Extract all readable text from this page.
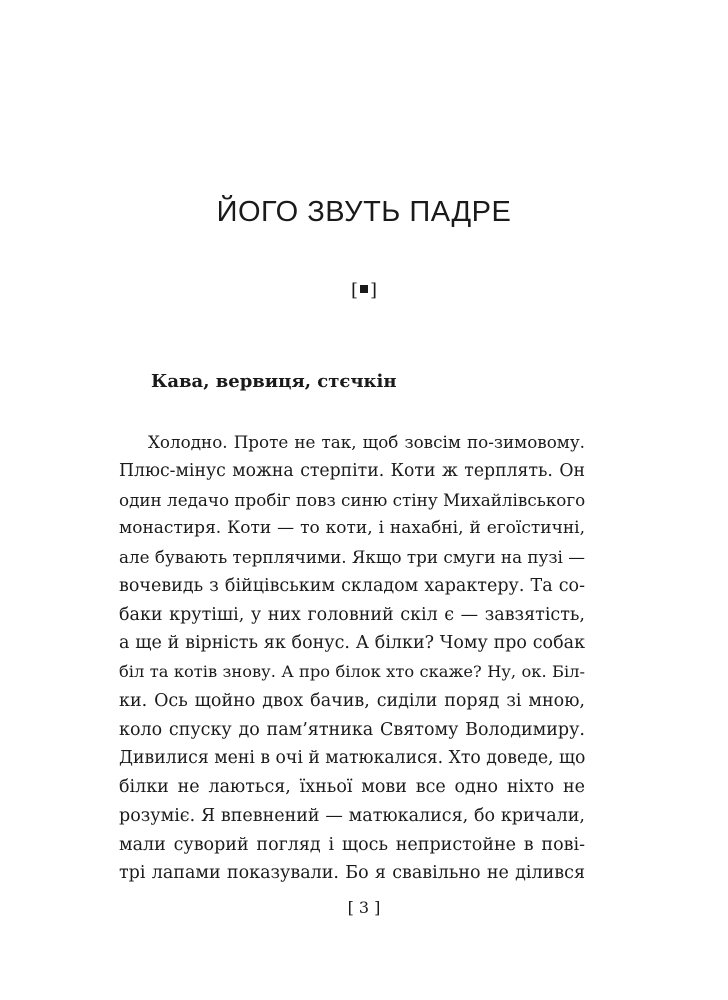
ЙОГО ЗВУТЬ ПАДРЕ
[ ]
Кава, вервиця, стєчкін
Холодно. Проте не так, щоб зовсім по-зимовому.
Плюс-мінус можна стерпіти. Коти ж терплять. Он
один ледачо пробіг повз синю стіну Михайлівського
монастиря. Коти — то коти, і нахабні, й егоїстичні,
але бувають терплячими. Якщо три смуги на пузі —
вочевидь з бійцівським складом характеру. Та со-
баки крутіші, у них головний скіл є — завзятість,
а ще й вірність як бонус. А білки? Чому про собак
біл та котів знову. А про білок хто скаже? Ну, ок. Біл-
ки. Ось щойно двох бачив, сиділи поряд зі мною,
коло спуску до пам’ятника Святому Володимиру.
Дивилися мені в очі й матюкалися. Хто доведе, що
білки не лаються, їхньої мови все одно ніхто не
розуміє. Я впевнений — матюкалися, бо кричали,
мали суворий погляд і щось непристойне в пові-
трі лапами показували. Бо я свавільно не ділився
[ 3 ]
